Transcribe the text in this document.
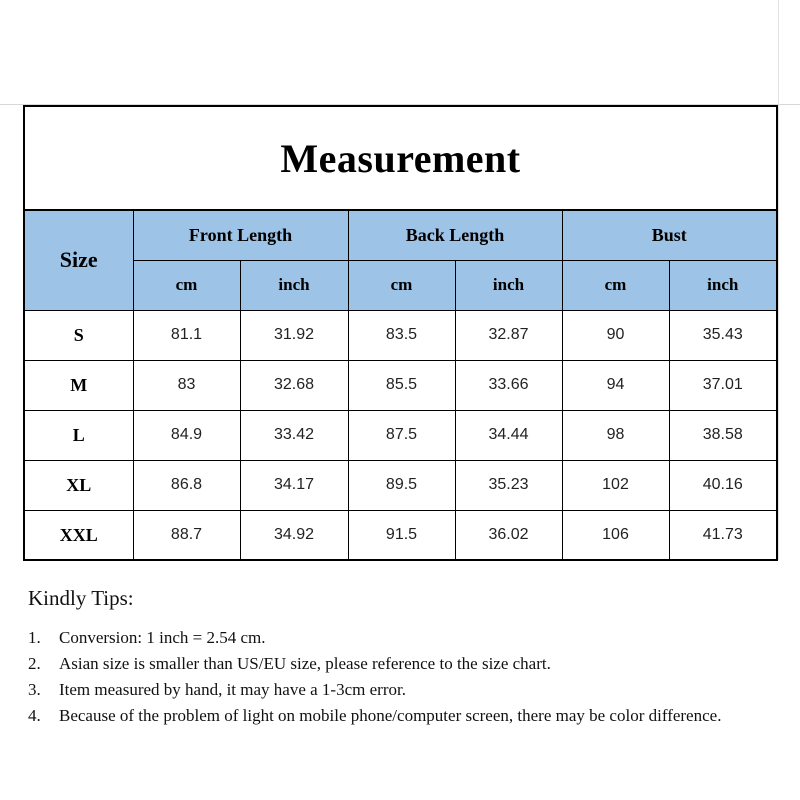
Measurement
Size	Front Length		Back Length		Bust	
	cm	inch	cm	inch	cm	inch
S	81.1	31.92	83.5	32.87	90	35.43
M	83	32.68	85.5	33.66	94	37.01
L	84.9	33.42	87.5	34.44	98	38.58
XL	86.8	34.17	89.5	35.23	102	40.16
XXL	88.7	34.92	91.5	36.02	106	41.73
Kindly Tips:
1. Conversion: 1 inch = 2.54 cm.
2. Asian size is smaller than US/EU size, please reference to the size chart.
3. Item measured by hand, it may have a 1-3cm error.
4. Because of the problem of light on mobile phone/computer screen, there may be color difference.
